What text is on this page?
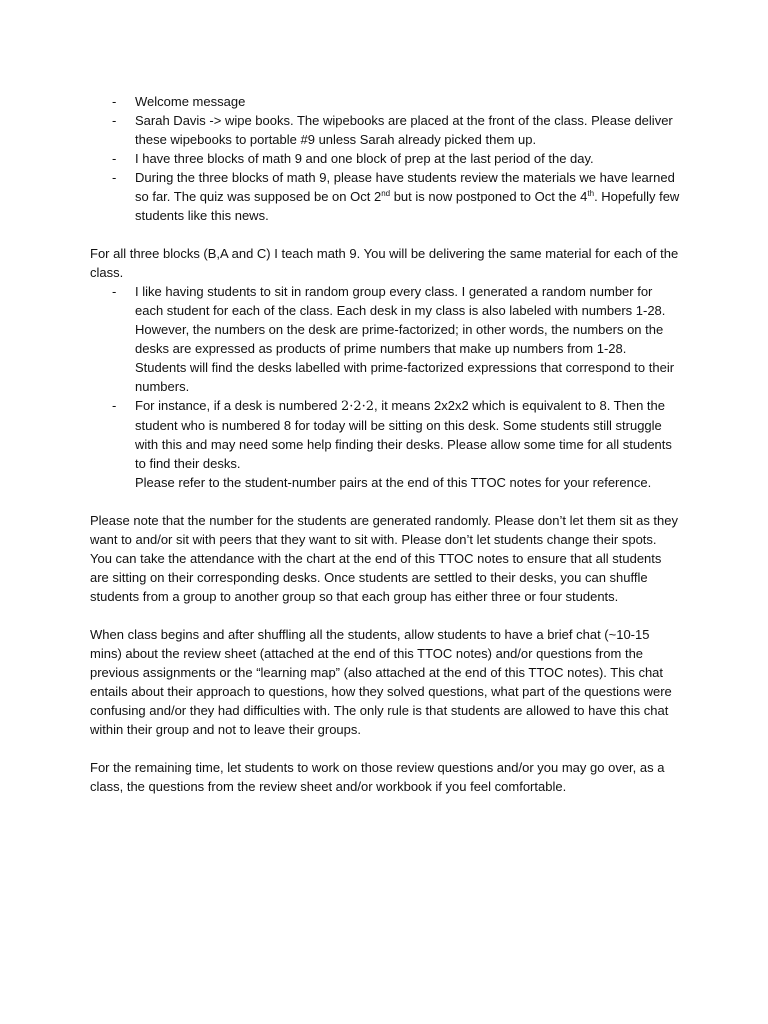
- Welcome message
- Sarah Davis -> wipe books. The wipebooks are placed at the front of the class. Please deliver these wipebooks to portable #9 unless Sarah already picked them up.
- I have three blocks of math 9 and one block of prep at the last period of the day.
- During the three blocks of math 9, please have students review the materials we have learned so far. The quiz was supposed be on Oct 2nd but is now postponed to Oct the 4th. Hopefully few students like this news.

For all three blocks (B,A and C) I teach math 9. You will be delivering the same material for each of the class.

- I like having students to sit in random group every class. I generated a random number for each student for each of the class. Each desk in my class is also labeled with numbers 1-28. However, the numbers on the desk are prime-factorized; in other words, the numbers on the desks are expressed as products of prime numbers that make up numbers from 1-28. Students will find the desks labelled with prime-factorized expressions that correspond to their numbers.
- For instance, if a desk is numbered 2·2·2, it means 2x2x2 which is equivalent to 8. Then the student who is numbered 8 for today will be sitting on this desk. Some students still struggle with this and may need some help finding their desks. Please allow some time for all students to find their desks.
Please refer to the student-number pairs at the end of this TTOC notes for your reference.

Please note that the number for the students are generated randomly. Please don’t let them sit as they want to and/or sit with peers that they want to sit with. Please don’t let students change their spots. You can take the attendance with the chart at the end of this TTOC notes to ensure that all students are sitting on their corresponding desks. Once students are settled to their desks, you can shuffle students from a group to another group so that each group has either three or four students.

When class begins and after shuffling all the students, allow students to have a brief chat (~10-15 mins) about the review sheet (attached at the end of this TTOC notes) and/or questions from the previous assignments or the “learning map” (also attached at the end of this TTOC notes). This chat entails about their approach to questions, how they solved questions, what part of the questions were confusing and/or they had difficulties with. The only rule is that students are allowed to have this chat within their group and not to leave their groups.

For the remaining time, let students to work on those review questions and/or you may go over, as a class, the questions from the review sheet and/or workbook if you feel comfortable.
